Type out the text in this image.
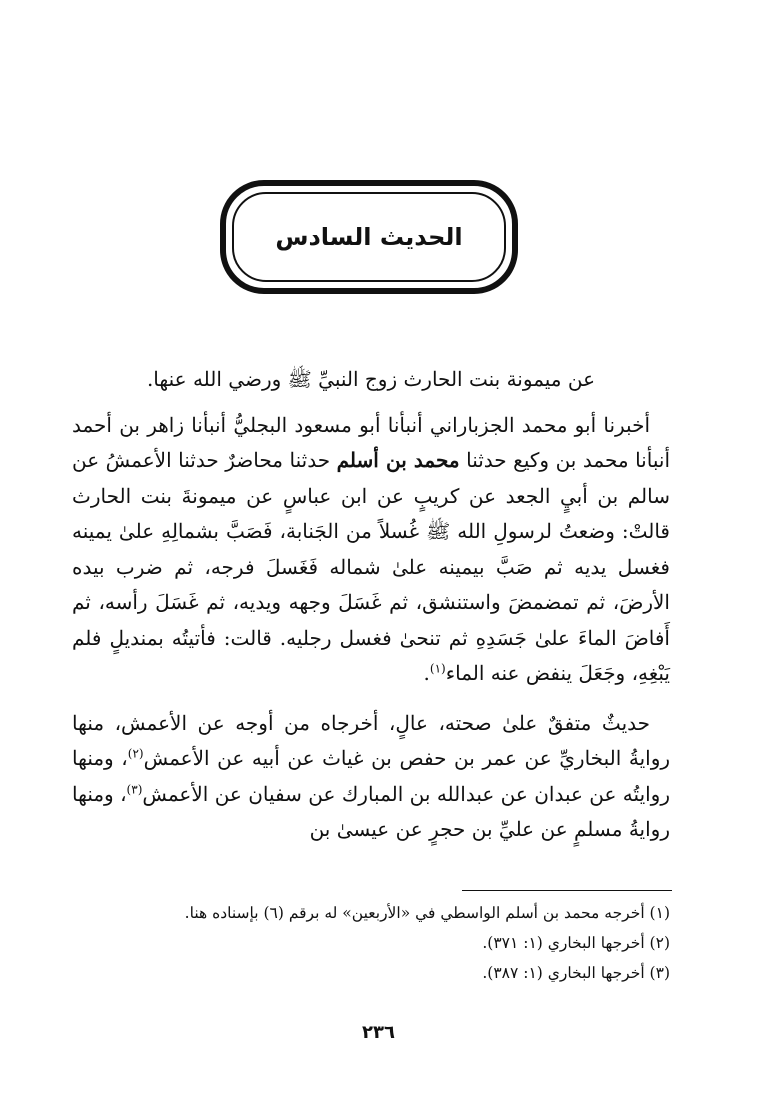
الحديث السادس

عن ميمونة بنت الحارث زوج النبيِّ ﷺ ورضي الله عنها.

أخبرنا أبو محمد الجزباراني أنبأنا أبو مسعود البجليُّ أنبأنا زاهر بن أحمد أنبأنا محمد بن وكيع حدثنا محمد بن أسلم حدثنا محاضرٌ حدثنا الأعمشُ عن سالم بن أبيٍ الجعد عن كريبٍ عن ابن عباسٍ عن ميمونةَ بنت الحارث قالتْ: وضعتُ لرسولِ الله ﷺ غُسلاً من الجَنابة، فَصَبَّ بشمالِهِ علىٰ يمينه فغسل يديه ثم صَبَّ بيمينه علىٰ شماله فَغَسلَ فرجه، ثم ضرب بيده الأرضَ، ثم تمضمضَ واستنشق، ثم غَسَلَ وجهه ويديه، ثم غَسَلَ رأسه، ثم أَفاضَ الماءَ علىٰ جَسَدِهِ ثم تنحىٰ فغسل رجليه. قالت: فأتيتُه بمنديلٍ فلم يَبْغِهِ، وجَعَلَ ينفض عنه الماء$^{(١)}$.

حديثٌ متفقٌ علىٰ صحته، عالٍ، أخرجاه من أوجه عن الأعمش، منها روايةُ البخاريِّ عن عمر بن حفص بن غياث عن أبيه عن الأعمش$^{(٢)}$، ومنها روايتُه عن عبدان عن عبدالله بن المبارك عن سفيان عن الأعمش$^{(٣)}$، ومنها روايةُ مسلمٍ عن عليِّ بن حجرٍ عن عيسىٰ بن

(١) أخرجه محمد بن أسلم الواسطي في «الأربعين» له برقم (٦) بإسناده هنا.
(٢) أخرجها البخاري (١: ٣٧١).
(٣) أخرجها البخاري (١: ٣٨٧).
٢٣٦
